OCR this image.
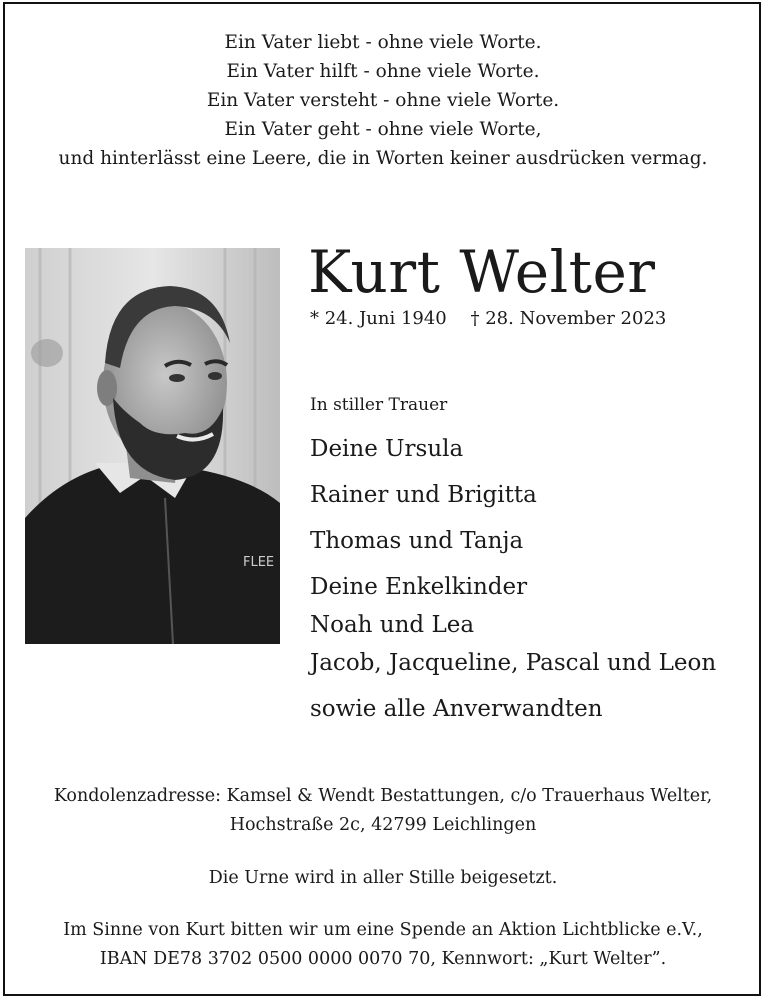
Ein Vater liebt - ohne viele Worte.
Ein Vater hilft - ohne viele Worte.
Ein Vater versteht - ohne viele Worte.
Ein Vater geht - ohne viele Worte,
und hinterlässt eine Leere, die in Worten keiner ausdrücken vermag.
FLEE
Kurt Welter
* 24. Juni 1940 † 28. November 2023
In stiller Trauer
Deine Ursula
Rainer und Brigitta
Thomas und Tanja
Deine Enkelkinder
Noah und Lea
Jacob, Jacqueline, Pascal und Leon
sowie alle Anverwandten
Kondolenzadresse: Kamsel & Wendt Bestattungen, c/o Trauerhaus Welter,
Hochstraße 2c, 42799 Leichlingen
Die Urne wird in aller Stille beigesetzt.
Im Sinne von Kurt bitten wir um eine Spende an Aktion Lichtblicke e.V.,
IBAN DE78 3702 0500 0000 0070 70, Kennwort: „Kurt Welter”.
